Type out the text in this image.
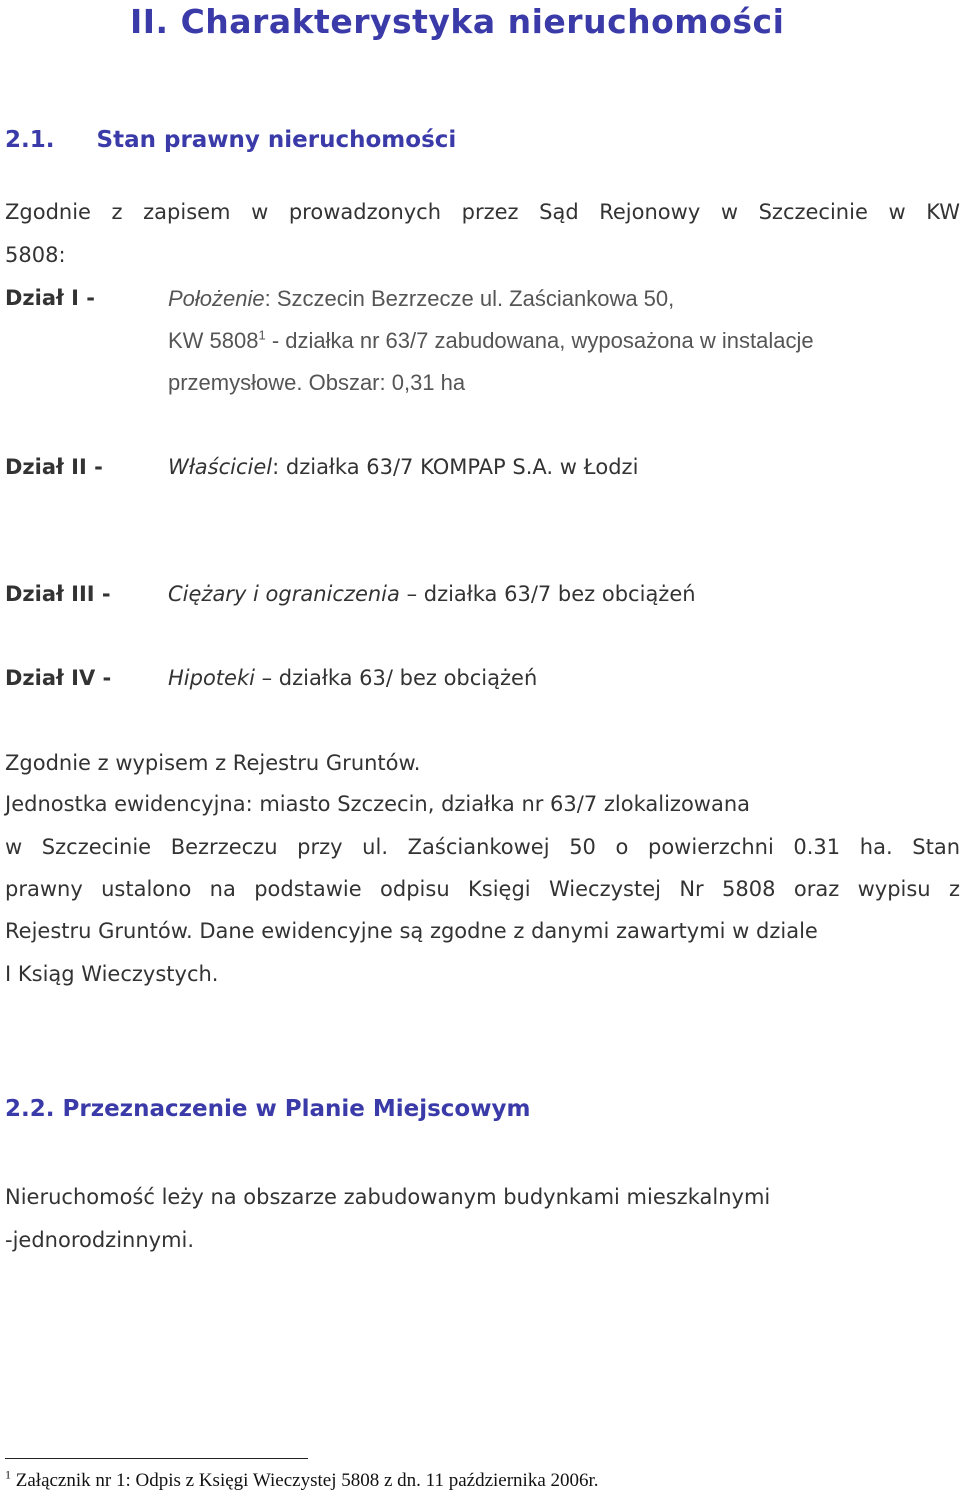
II. Charakterystyka nieruchomości
2.1. Stan prawny nieruchomości
Zgodnie z zapisem w prowadzonych przez Sąd Rejonowy w Szczecinie w KW
5808:
Dział I -	Położenie: Szczecin Bezrzecze ul. Zaściankowa 50,
KW 5808$^1$ - działka nr 63/7 zabudowana, wyposażona w instalacje
przemysłowe. Obszar: 0,31 ha
Dział II -	Właściciel: działka 63/7 KOMPAP S.A. w Łodzi
Dział III -	Ciężary i ograniczenia – działka 63/7 bez obciążeń
Dział IV -	Hipoteki – działka 63/ bez obciążeń
Zgodnie z wypisem z Rejestru Gruntów.
Jednostka ewidencyjna: miasto Szczecin, działka nr 63/7 zlokalizowana
w Szczecinie Bezrzeczu przy ul. Zaściankowej 50 o powierzchni 0.31 ha. Stan
prawny ustalono na podstawie odpisu Księgi Wieczystej Nr 5808 oraz wypisu z
Rejestru Gruntów. Dane ewidencyjne są zgodne z danymi zawartymi w dziale
I Ksiąg Wieczystych.
2.2. Przeznaczenie w Planie Miejscowym
Nieruchomość leży na obszarze zabudowanym budynkami mieszkalnymi
-jednorodzinnymi.
$^1$ Załącznik nr 1: Odpis z Księgi Wieczystej 5808 z dn. 11 października 2006r.
